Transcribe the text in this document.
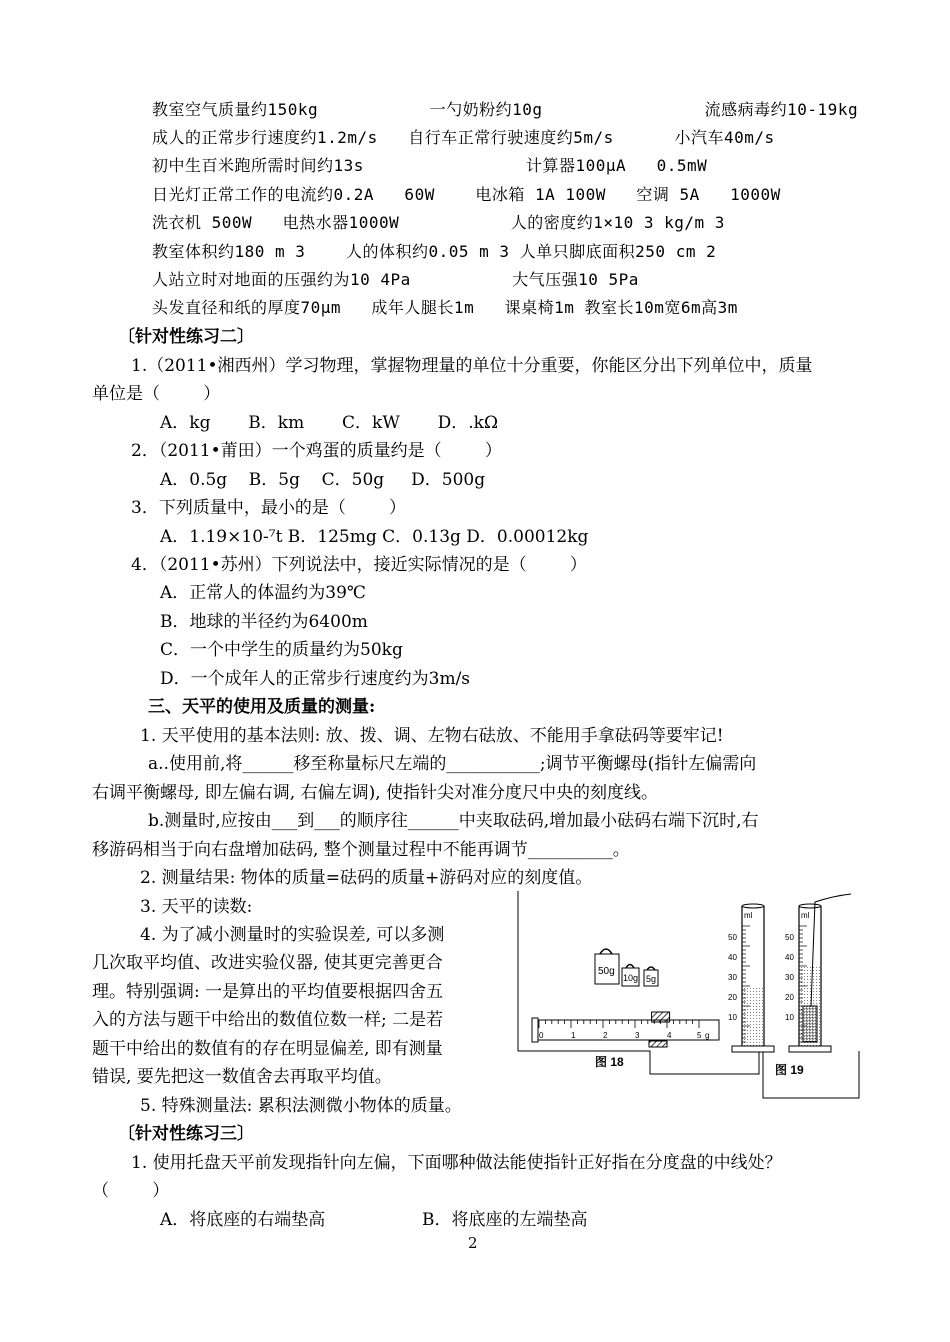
教室空气质量约150kg           一勺奶粉约10g                流感病毒约10-19kg
成人的正常步行速度约1.2m/s   自行车正常行驶速度约5m/s      小汽车40m/s
初中生百米跑所需时间约13s                计算器100μA   0.5mW
日光灯正常工作的电流约0.2A   60W    电冰箱 1A 100W   空调 5A   1000W
洗衣机 500W   电热水器1000W           人的密度约1×10 3 kg/m 3
教室体积约180 m 3    人的体积约0.05 m 3 人单只脚底面积250 cm 2
人站立时对地面的压强约为10 4Pa          大气压强10 5Pa
头发直径和纸的厚度70μm   成年人腿长1m   课桌椅1m 教室长10m宽6m高3m
〔针对性练习二〕
1.（2011•湘西州）学习物理，掌握物理量的单位十分重要，你能区分出下列单位中，质量
单位是（        ）
A．kg       B．km       C．kW       D．.kΩ
2．（2011•莆田）一个鸡蛋的质量约是（        ）
A．0.5g    B．5g    C．50g     D．500g
3．下列质量中，最小的是（        ）
A．1.19×10-⁷t B．125mg C．0.13g D．0.00012kg
4．（2011•苏州）下列说法中，接近实际情况的是（        ）
A．正常人的体温约为39℃
B．地球的半径约为6400m
C．一个中学生的质量约为50kg
D．一个成年人的正常步行速度约为3m/s
三、天平的使用及质量的测量:
1. 天平使用的基本法则: 放、拨、调、左物右砝放、不能用手拿砝码等要牢记!
a..使用前,将______移至称量标尺左端的___________;调节平衡螺母(指针左偏需向
右调平衡螺母, 即左偏右调, 右偏左调), 使指针尖对准分度尺中央的刻度线。
b.测量时,应按由___到___的顺序往______中夹取砝码,增加最小砝码右端下沉时,右
移游码相当于向右盘增加砝码, 整个测量过程中不能再调节__________。
2. 测量结果: 物体的质量=砝码的质量+游码对应的刻度值。
3. 天平的读数:
4. 为了减小测量时的实验误差, 可以多测
几次取平均值、改进实验仪器, 使其更完善更合
理。特别强调: 一是算出的平均值要根据四舍五
入的方法与题干中给出的数值位数一样; 二是若
题干中给出的数值有的存在明显偏差, 即有测量
错误, 要先把这一数值舍去再取平均值。
5. 特殊测量法: 累积法测微小物体的质量。
50g
10g 5g
0	1	2	3	4	5 g
图 18
ml
50
40
30
20
10
ml
50
40
30
20
10
图 19
〔针对性练习三〕
1. 使用托盘天平前发现指针向左偏，下面哪种做法能使指针正好指在分度盘的中线处？
（        ）
A．将底座的右端垫高	B．将底座的左端垫高
2
